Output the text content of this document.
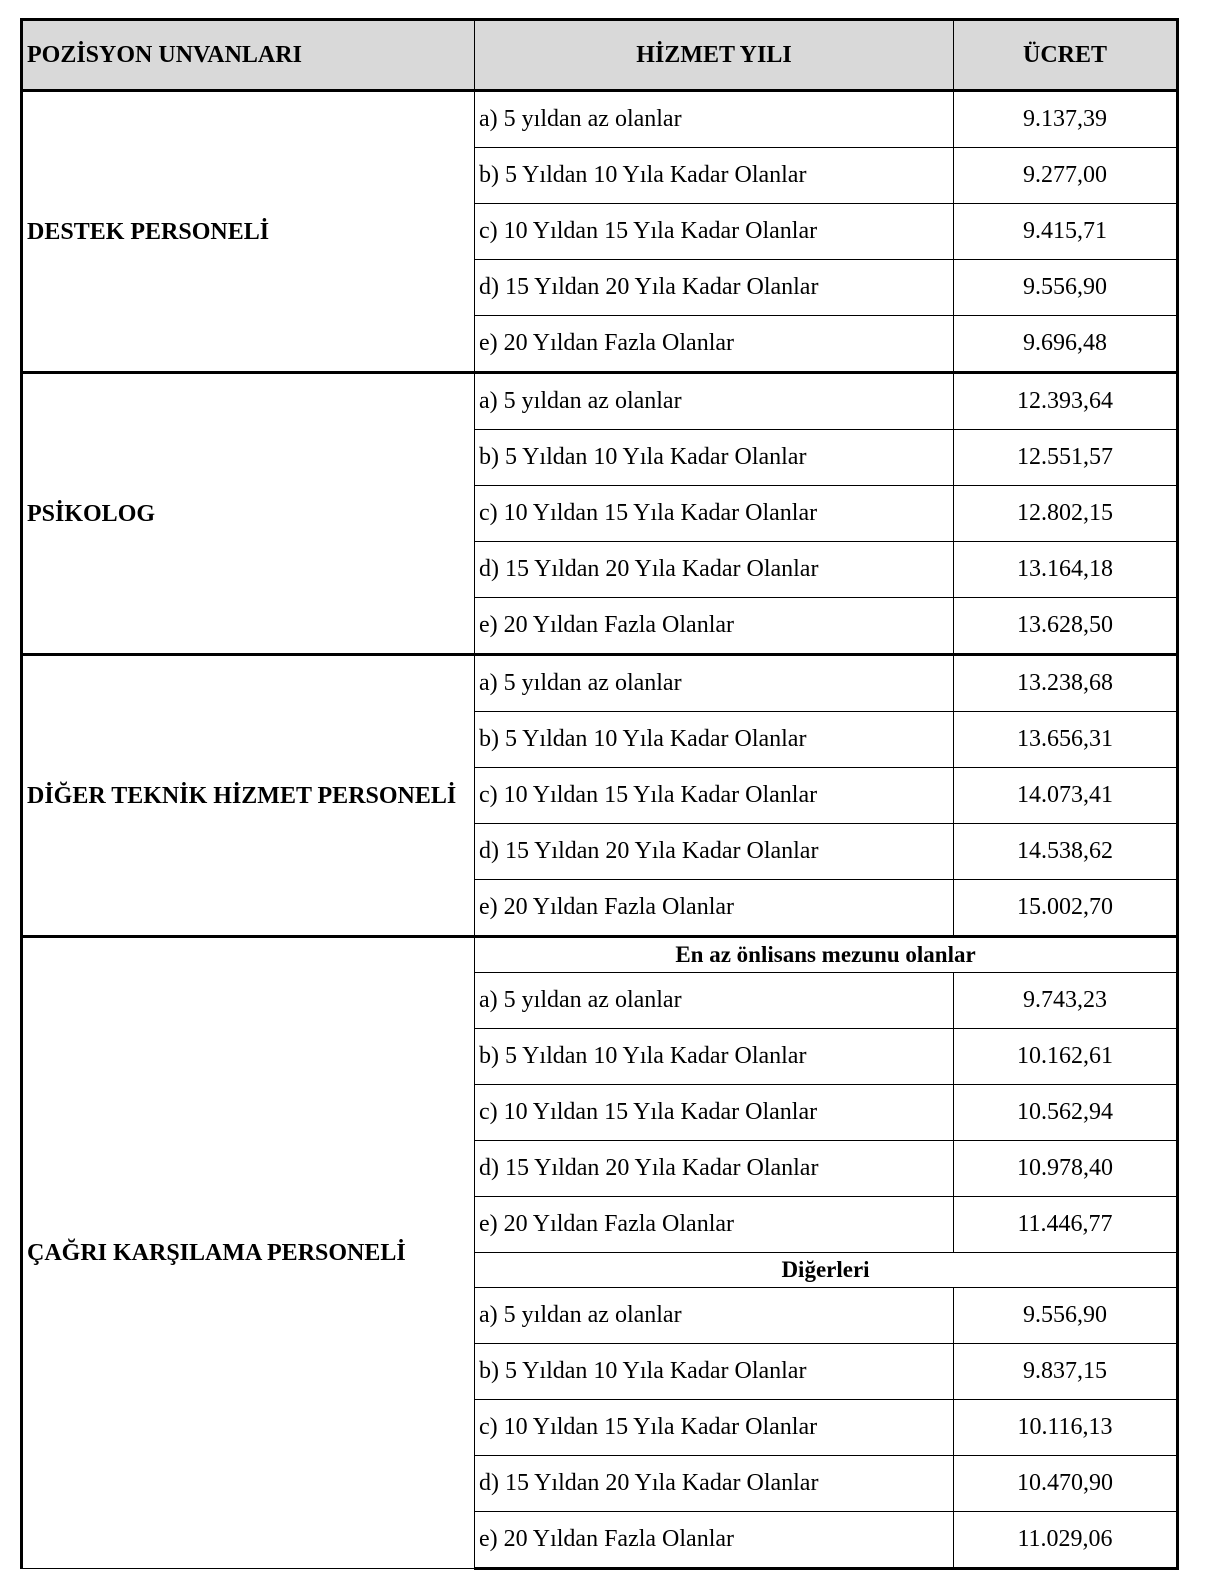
POZİSYON UNVANLARI	HİZMET YILI	ÜCRET
DESTEK PERSONELİ	a) 5 yıldan az olanlar	9.137,39
	b) 5 Yıldan 10 Yıla Kadar Olanlar	9.277,00
	c) 10 Yıldan 15 Yıla Kadar Olanlar	9.415,71
	d) 15 Yıldan 20 Yıla Kadar Olanlar	9.556,90
	e) 20 Yıldan Fazla Olanlar	9.696,48
PSİKOLOG	a) 5 yıldan az olanlar	12.393,64
	b) 5 Yıldan 10 Yıla Kadar Olanlar	12.551,57
	c) 10 Yıldan 15 Yıla Kadar Olanlar	12.802,15
	d) 15 Yıldan 20 Yıla Kadar Olanlar	13.164,18
	e) 20 Yıldan Fazla Olanlar	13.628,50
DİĞER TEKNİK HİZMET PERSONELİ	a) 5 yıldan az olanlar	13.238,68
	b) 5 Yıldan 10 Yıla Kadar Olanlar	13.656,31
	c) 10 Yıldan 15 Yıla Kadar Olanlar	14.073,41
	d) 15 Yıldan 20 Yıla Kadar Olanlar	14.538,62
	e) 20 Yıldan Fazla Olanlar	15.002,70
ÇAĞRI KARŞILAMA PERSONELİ	En az önlisans mezunu olanlar	
	a) 5 yıldan az olanlar	9.743,23
	b) 5 Yıldan 10 Yıla Kadar Olanlar	10.162,61
	c) 10 Yıldan 15 Yıla Kadar Olanlar	10.562,94
	d) 15 Yıldan 20 Yıla Kadar Olanlar	10.978,40
	e) 20 Yıldan Fazla Olanlar	11.446,77
	Diğerleri	
	a) 5 yıldan az olanlar	9.556,90
	b) 5 Yıldan 10 Yıla Kadar Olanlar	9.837,15
	c) 10 Yıldan 15 Yıla Kadar Olanlar	10.116,13
	d) 15 Yıldan 20 Yıla Kadar Olanlar	10.470,90
	e) 20 Yıldan Fazla Olanlar	11.029,06
